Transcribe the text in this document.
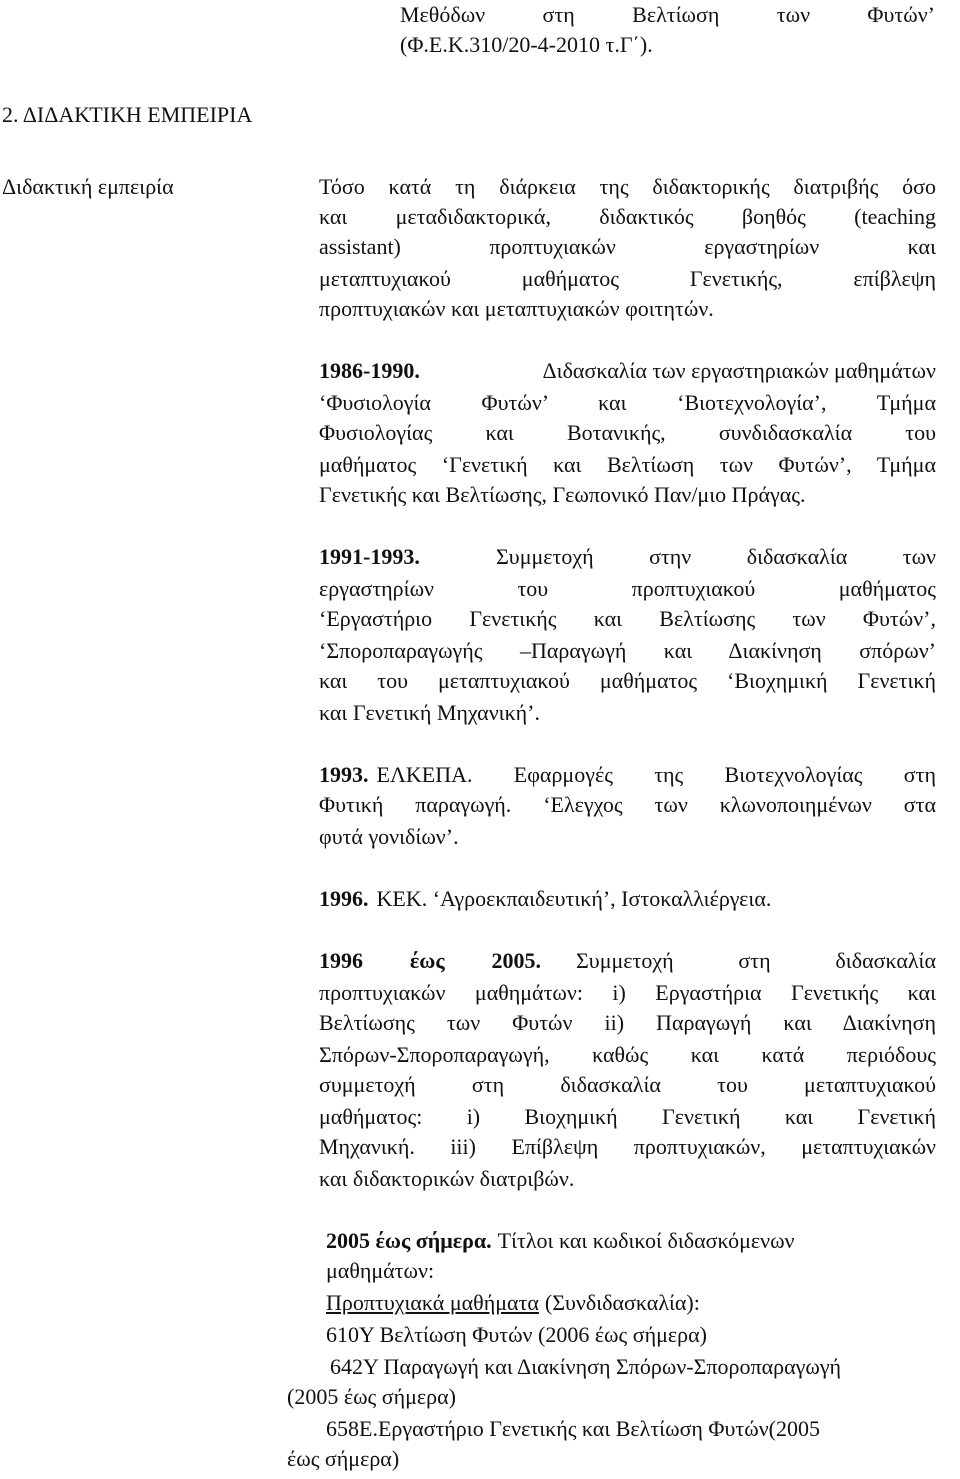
Μεθόδων στη Βελτίωση των Φυτών’
(Φ.Ε.Κ.310/20-4-2010 τ.Γ΄).
2. ΔΙΔΑΚΤΙΚΗ ΕΜΠΕΙΡΙΑ
Διδακτική εμπειρία	Τόσο κατά τη διάρκεια της διδακτορικής διατριβής όσο
και μεταδιδακτορικά, διδακτικός βοηθός (teaching
assistant) προπτυχιακών εργαστηρίων και
μεταπτυχιακού μαθήματος Γενετικής, επίβλεψη
προπτυχιακών και μεταπτυχιακών φοιτητών.
1986-1990.	Διδασκαλία των εργαστηριακών μαθημάτων
‘Φυσιολογία Φυτών’ και ‘Βιοτεχνολογία’, Τμήμα
Φυσιολογίας και Βοτανικής, συνδιδασκαλία του
μαθήματος ‘Γενετική και Βελτίωση των Φυτών’, Τμήμα
Γενετικής και Βελτίωσης, Γεωπονικό Παν/μιο Πράγας.
1991-1993.	Συμμετοχή στην διδασκαλία των
εργαστηρίων του προπτυχιακού μαθήματος
‘Εργαστήριο Γενετικής και Βελτίωσης των Φυτών’,
‘Σποροπαραγωγής –Παραγωγή και Διακίνηση σπόρων’
και του μεταπτυχιακού μαθήματος ‘Βιοχημική Γενετική
και Γενετική Μηχανική’.
1993. ΕΛΚΕΠΑ. Εφαρμογές της Βιοτεχνολογίας στη
Φυτική παραγωγή. ‘Ελεγχος των κλωνοποιημένων στα
φυτά γονιδίων’.
1996. ΚΕΚ. ‘Αγροεκπαιδευτική’, Ιστοκαλλιέργεια.
1996 έως 2005. Συμμετοχή στη διδασκαλία
προπτυχιακών μαθημάτων: i) Εργαστήρια Γενετικής και
Βελτίωσης των Φυτών ii) Παραγωγή και Διακίνηση
Σπόρων-Σποροπαραγωγή, καθώς και κατά περιόδους
συμμετοχή στη διδασκαλία του μεταπτυχιακού
μαθήματος: i) Βιοχημική Γενετική και Γενετική
Μηχανική. iii) Επίβλεψη προπτυχιακών, μεταπτυχιακών
και διδακτορικών διατριβών.
2005 έως σήμερα. Τίτλοι και κωδικοί διδασκόμενων
μαθημάτων:
Προπτυχιακά μαθήματα (Συνδιδασκαλία):
610Υ Βελτίωση Φυτών (2006 έως σήμερα)
642Υ Παραγωγή και Διακίνηση Σπόρων-Σποροπαραγωγή
(2005 έως σήμερα)
658Ε.Εργαστήριο Γενετικής και Βελτίωση Φυτών(2005
έως σήμερα)
